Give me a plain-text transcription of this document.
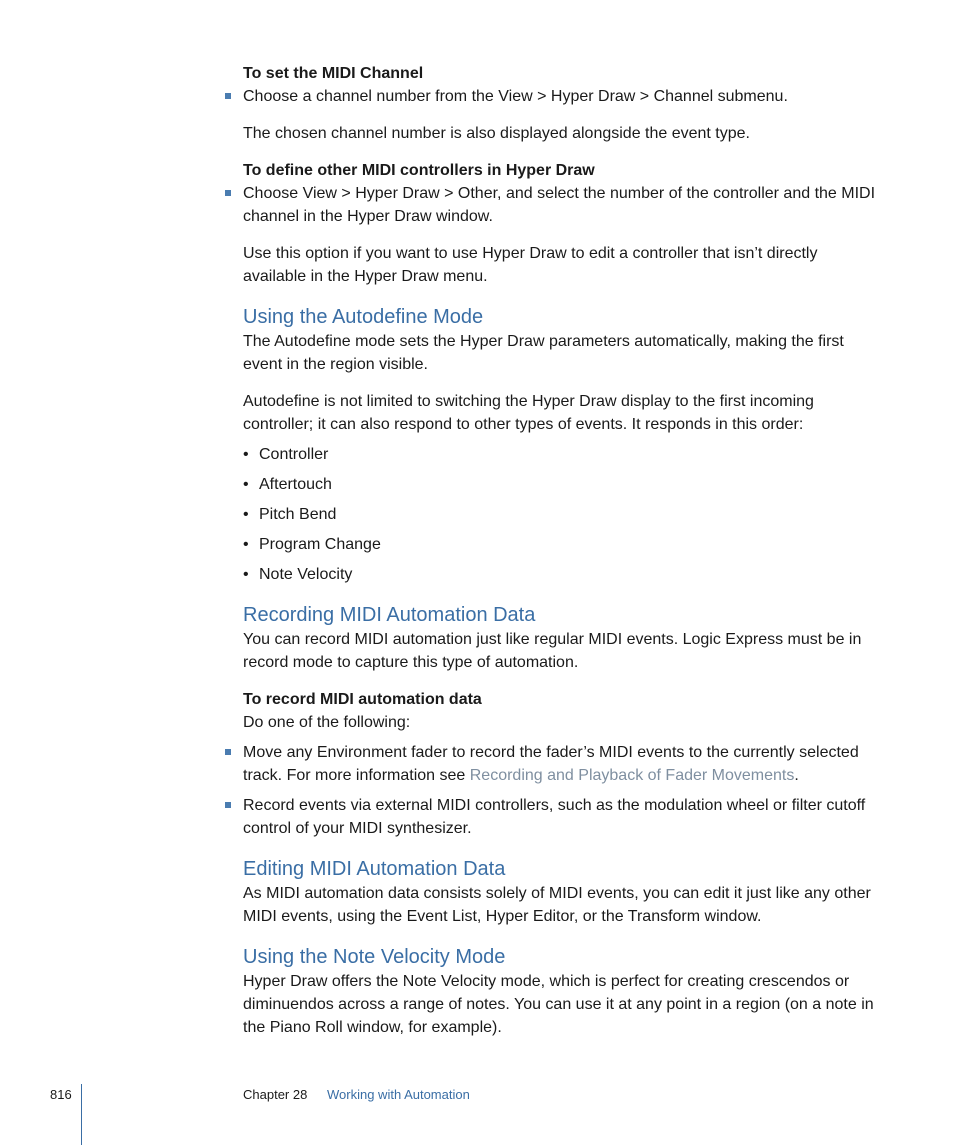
To set the MIDI Channel

Choose a channel number from the View > Hyper Draw > Channel submenu.

The chosen channel number is also displayed alongside the event type.

To define other MIDI controllers in Hyper Draw

Choose View > Hyper Draw > Other, and select the number of the controller and the MIDI channel in the Hyper Draw window.

Use this option if you want to use Hyper Draw to edit a controller that isn’t directly available in the Hyper Draw menu.

Using the Autodefine Mode

The Autodefine mode sets the Hyper Draw parameters automatically, making the first event in the region visible.

Autodefine is not limited to switching the Hyper Draw display to the first incoming controller; it can also respond to other types of events. It responds in this order:

• Controller
• Aftertouch
• Pitch Bend
• Program Change
• Note Velocity
Recording MIDI Automation Data

You can record MIDI automation just like regular MIDI events. Logic Express must be in record mode to capture this type of automation.

To record MIDI automation data

Do one of the following:

Move any Environment fader to record the fader’s MIDI events to the currently selected track. For more information see Recording and Playback of Fader Movements.
Record events via external MIDI controllers, such as the modulation wheel or filter cutoff control of your MIDI synthesizer.
Editing MIDI Automation Data

As MIDI automation data consists solely of MIDI events, you can edit it just like any other MIDI events, using the Event List, Hyper Editor, or the Transform window.

Using the Note Velocity Mode

Hyper Draw offers the Note Velocity mode, which is perfect for creating crescendos or diminuendos across a range of notes. You can use it at any point in a region (on a note in the Piano Roll window, for example).

816	Chapter 28 Working with Automation
